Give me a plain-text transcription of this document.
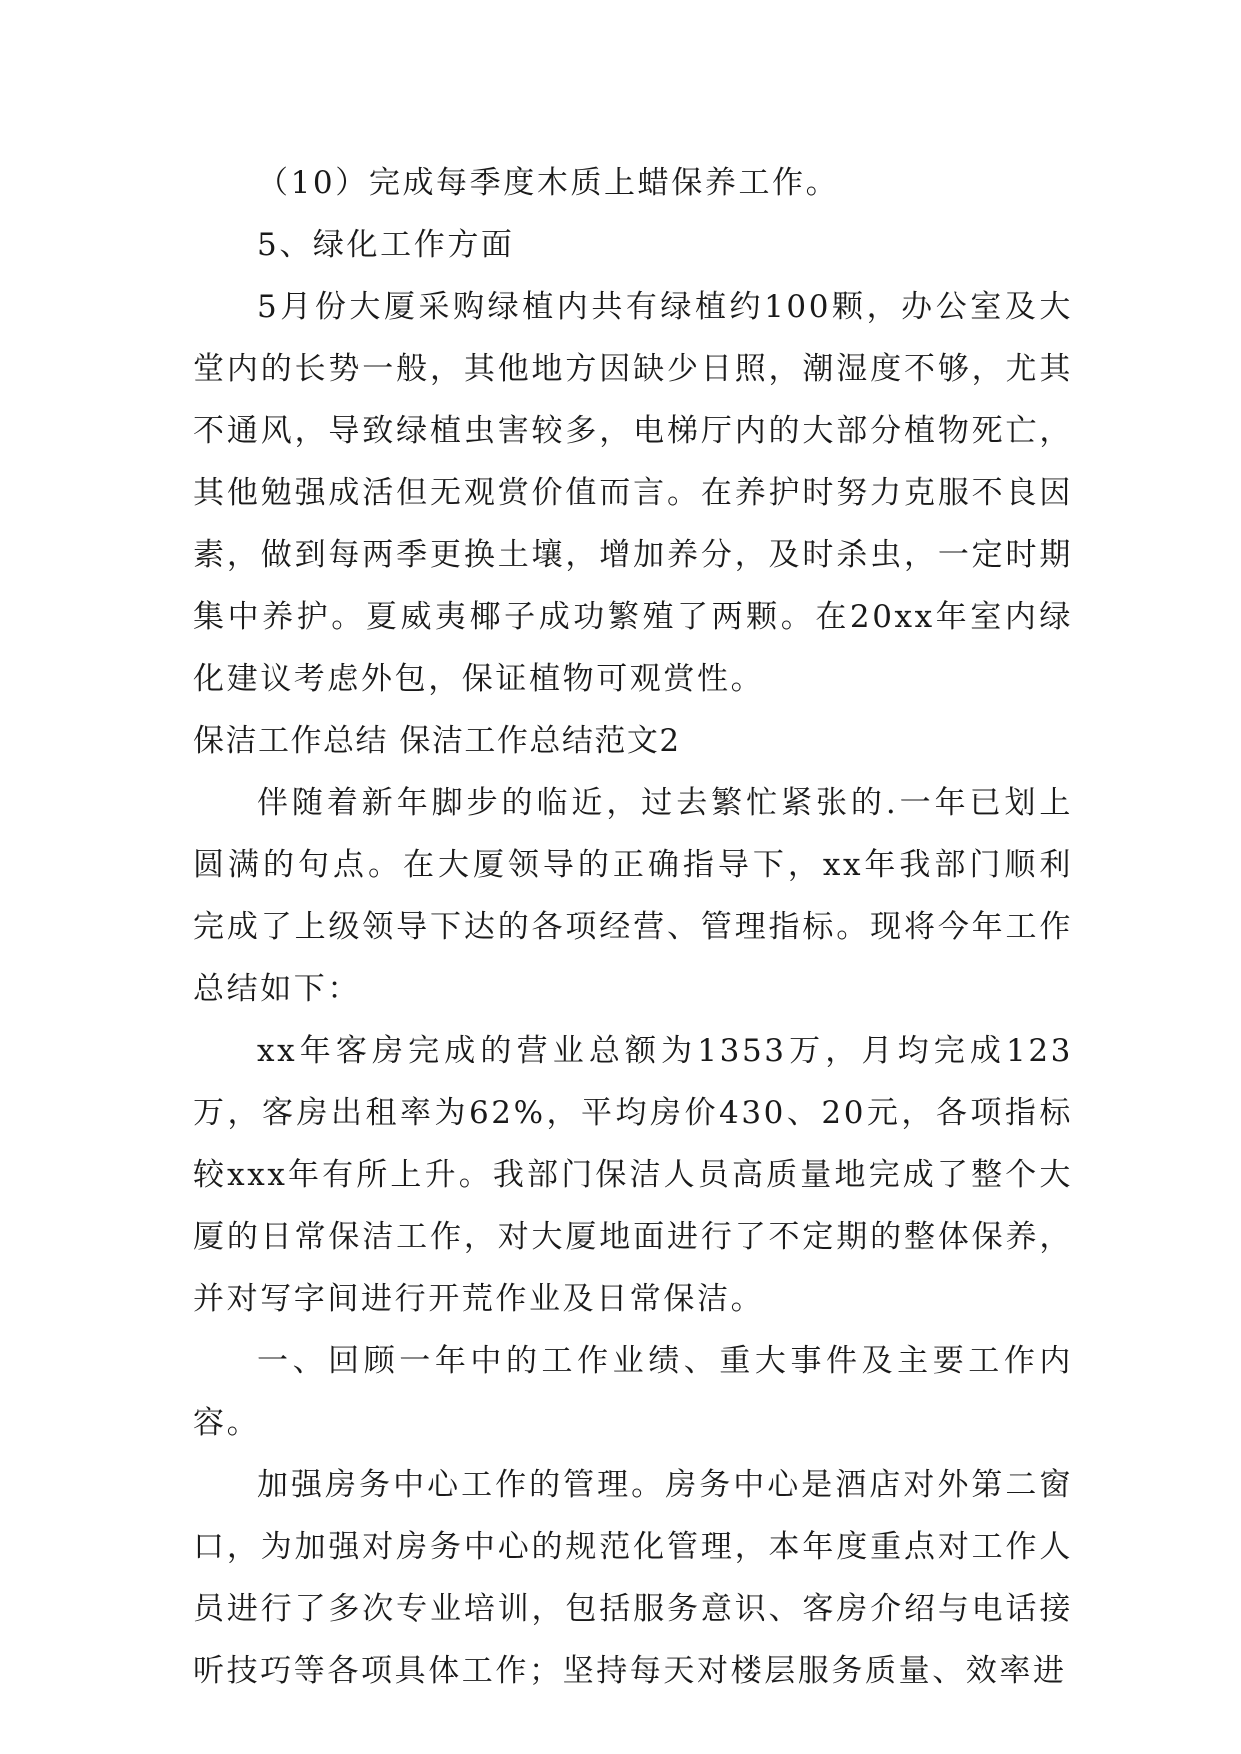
（10）完成每季度木质上蜡保养工作。

5、绿化工作方面

5月份大厦采购绿植内共有绿植约100颗，办公室及大堂内的长势一般，其他地方因缺少日照，潮湿度不够，尤其不通风，导致绿植虫害较多，电梯厅内的大部分植物死亡，其他勉强成活但无观赏价值而言。在养护时努力克服不良因素，做到每两季更换土壤，增加养分，及时杀虫，一定时期集中养护。夏威夷椰子成功繁殖了两颗。在20xx年室内绿化建议考虑外包，保证植物可观赏性。

保洁工作总结 保洁工作总结范文2

伴随着新年脚步的临近，过去繁忙紧张的.一年已划上圆满的句点。在大厦领导的正确指导下，xx年我部门顺利完成了上级领导下达的各项经营、管理指标。现将今年工作总结如下：

xx年客房完成的营业总额为1353万，月均完成123万，客房出租率为62%，平均房价430、20元，各项指标较xxx年有所上升。我部门保洁人员高质量地完成了整个大厦的日常保洁工作，对大厦地面进行了不定期的整体保养，并对写字间进行开荒作业及日常保洁。

一、回顾一年中的工作业绩、重大事件及主要工作内容。

加强房务中心工作的管理。房务中心是酒店对外第二窗口，为加强对房务中心的规范化管理，本年度重点对工作人员进行了多次专业培训，包括服务意识、客房介绍与电话接听技巧等各项具体工作；坚持每天对楼层服务质量、效率进
